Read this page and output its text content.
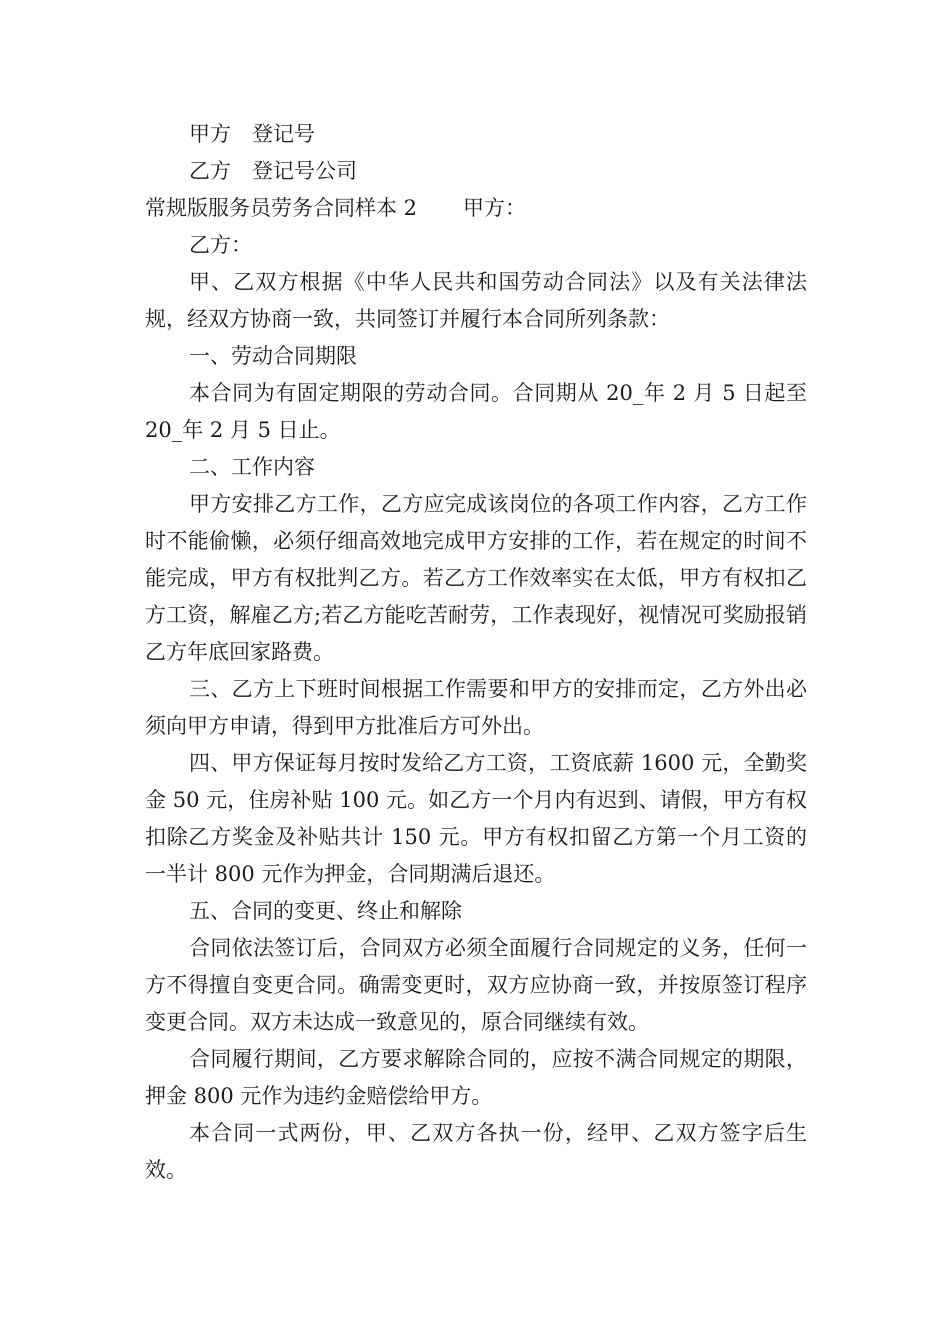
甲方　登记号

乙方　登记号公司

常规版服务员劳务合同样本 2 甲方：

乙方：

甲、乙双方根据《中华人民共和国劳动合同法》以及有关法律法规，经双方协商一致，共同签订并履行本合同所列条款：

一、劳动合同期限

本合同为有固定期限的劳动合同。合同期从 20_年 2 月 5 日起至 20_年 2 月 5 日止。

二、工作内容

甲方安排乙方工作，乙方应完成该岗位的各项工作内容，乙方工作时不能偷懒，必须仔细高效地完成甲方安排的工作，若在规定的时间不能完成，甲方有权批判乙方。若乙方工作效率实在太低，甲方有权扣乙方工资，解雇乙方;若乙方能吃苦耐劳，工作表现好，视情况可奖励报销乙方年底回家路费。

三、乙方上下班时间根据工作需要和甲方的安排而定，乙方外出必须向甲方申请，得到甲方批准后方可外出。

四、甲方保证每月按时发给乙方工资，工资底薪 1600 元，全勤奖金 50 元，住房补贴 100 元。如乙方一个月内有迟到、请假，甲方有权扣除乙方奖金及补贴共计 150 元。甲方有权扣留乙方第一个月工资的一半计 800 元作为押金，合同期满后退还。

五、合同的变更、终止和解除

合同依法签订后，合同双方必须全面履行合同规定的义务，任何一方不得擅自变更合同。确需变更时，双方应协商一致，并按原签订程序变更合同。双方未达成一致意见的，原合同继续有效。

合同履行期间，乙方要求解除合同的，应按不满合同规定的期限，押金 800 元作为违约金赔偿给甲方。

本合同一式两份，甲、乙双方各执一份，经甲、乙双方签字后生效。
